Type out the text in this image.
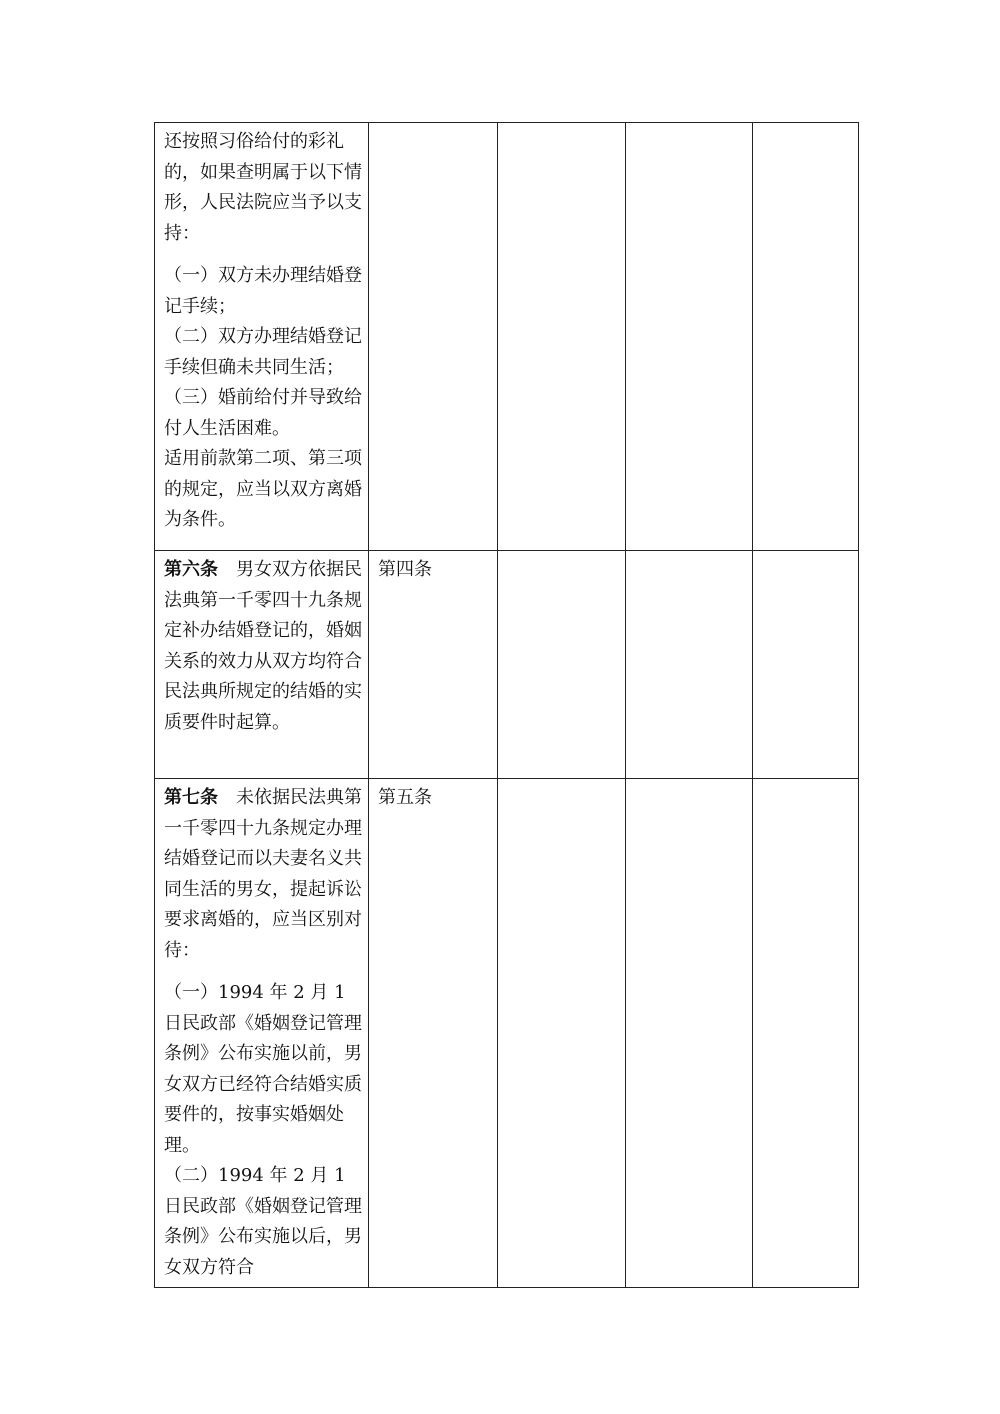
还按照习俗给付的彩礼的，如果查明属于以下情形，人民法院应当予以支持：
（一）双方未办理结婚登记手续；
（二）双方办理结婚登记手续但确未共同生活；
（三）婚前给付并导致给付人生活困难。
适用前款第二项、第三项的规定，应当以双方离婚为条件。				

第六条  男女双方依据民法典第一千零四十九条规定补办结婚登记的，婚姻关系的效力从双方均符合民法典所规定的结婚的实质要件时起算。	第四条			

第七条  未依据民法典第一千零四十九条规定办理结婚登记而以夫妻名义共同生活的男女，提起诉讼要求离婚的，应当区别对待：
（一）1994 年 2 月 1 日民政部《婚姻登记管理条例》公布实施以前，男女双方已经符合结婚实质要件的，按事实婚姻处理。
（二）1994 年 2 月 1 日民政部《婚姻登记管理条例》公布实施以后，男女双方符合	第五条			
